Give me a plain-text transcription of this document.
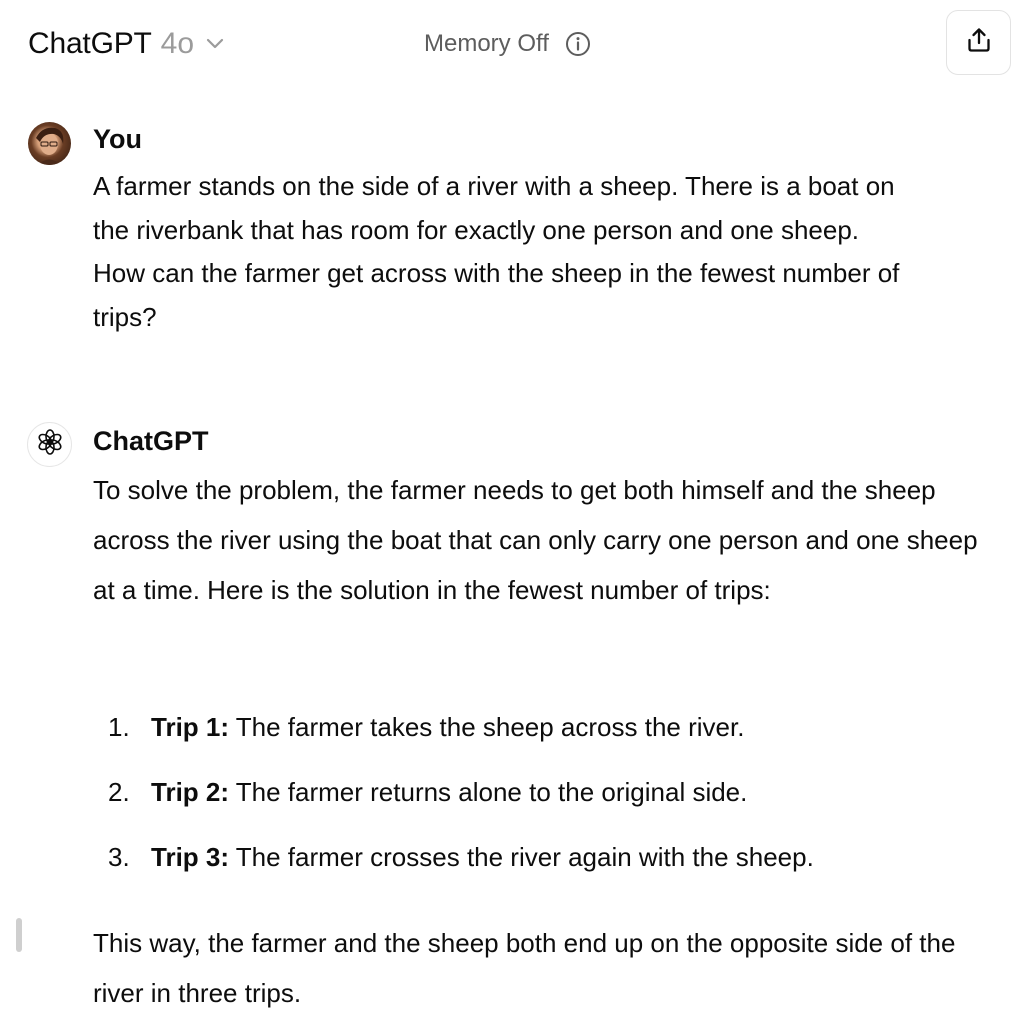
ChatGPT 4o	Memory Off
You
A farmer stands on the side of a river with a sheep. There is a boat on the riverbank that has room for exactly one person and one sheep. How can the farmer get across with the sheep in the fewest number of trips?
ChatGPT
To solve the problem, the farmer needs to get both himself and the sheep across the river using the boat that can only carry one person and one sheep at a time. Here is the solution in the fewest number of trips:
1. Trip 1: The farmer takes the sheep across the river.
2. Trip 2: The farmer returns alone to the original side.
3. Trip 3: The farmer crosses the river again with the sheep.
This way, the farmer and the sheep both end up on the opposite side of the river in three trips.
